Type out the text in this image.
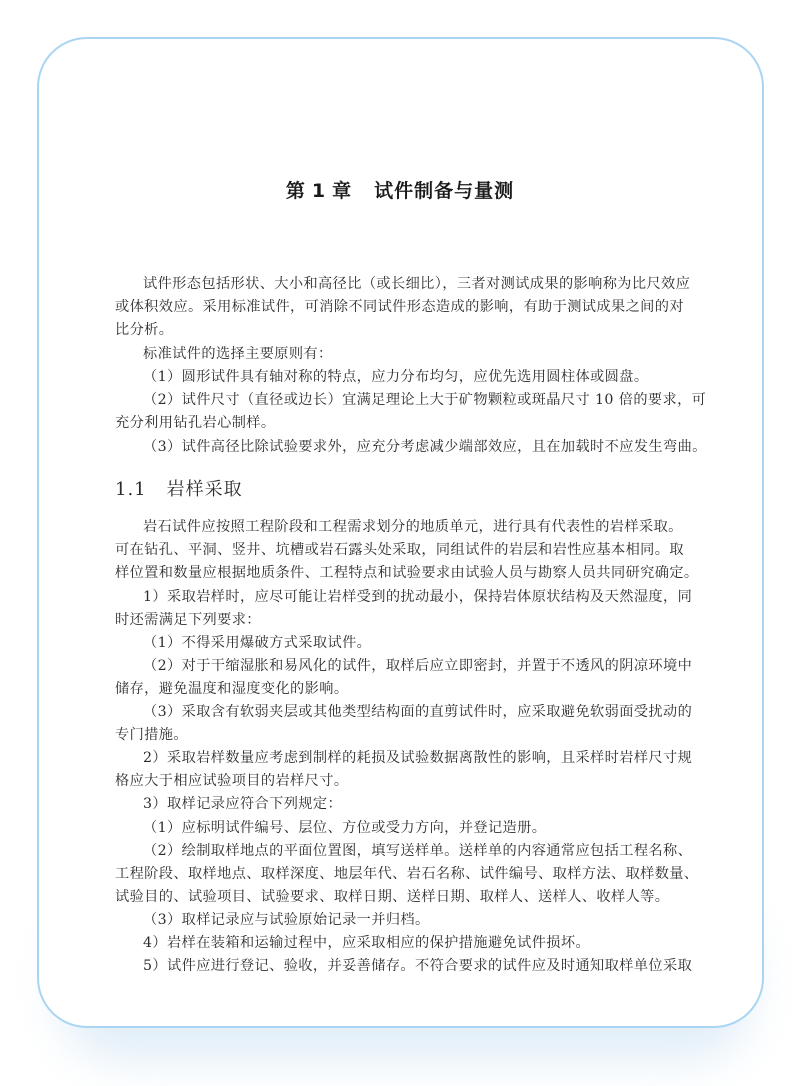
第 1 章 试件制备与量测
1.1 岩样采取
试件形态包括形状、大小和高径比（或长细比），三者对测试成果的影响称为比尺效应
或体积效应。采用标准试件，可消除不同试件形态造成的影响，有助于测试成果之间的对
比分析。
标准试件的选择主要原则有：
（1）圆形试件具有轴对称的特点，应力分布均匀，应优先选用圆柱体或圆盘。
（2）试件尺寸（直径或边长）宜满足理论上大于矿物颗粒或斑晶尺寸 10 倍的要求，可
充分利用钻孔岩心制样。
（3）试件高径比除试验要求外，应充分考虑减少端部效应，且在加载时不应发生弯曲。
岩石试件应按照工程阶段和工程需求划分的地质单元，进行具有代表性的岩样采取。
可在钻孔、平洞、竖井、坑槽或岩石露头处采取，同组试件的岩层和岩性应基本相同。取
样位置和数量应根据地质条件、工程特点和试验要求由试验人员与勘察人员共同研究确定。
1）采取岩样时，应尽可能让岩样受到的扰动最小，保持岩体原状结构及天然湿度，同
时还需满足下列要求：
（1）不得采用爆破方式采取试件。
（2）对于干缩湿胀和易风化的试件，取样后应立即密封，并置于不透风的阴凉环境中
储存，避免温度和湿度变化的影响。
（3）采取含有软弱夹层或其他类型结构面的直剪试件时，应采取避免软弱面受扰动的
专门措施。
2）采取岩样数量应考虑到制样的耗损及试验数据离散性的影响，且采样时岩样尺寸规
格应大于相应试验项目的岩样尺寸。
3）取样记录应符合下列规定：
（1）应标明试件编号、层位、方位或受力方向，并登记造册。
（2）绘制取样地点的平面位置图，填写送样单。送样单的内容通常应包括工程名称、
工程阶段、取样地点、取样深度、地层年代、岩石名称、试件编号、取样方法、取样数量、
试验目的、试验项目、试验要求、取样日期、送样日期、取样人、送样人、收样人等。
（3）取样记录应与试验原始记录一并归档。
4）岩样在装箱和运输过程中，应采取相应的保护措施避免试件损坏。
5）试件应进行登记、验收，并妥善储存。不符合要求的试件应及时通知取样单位采取
